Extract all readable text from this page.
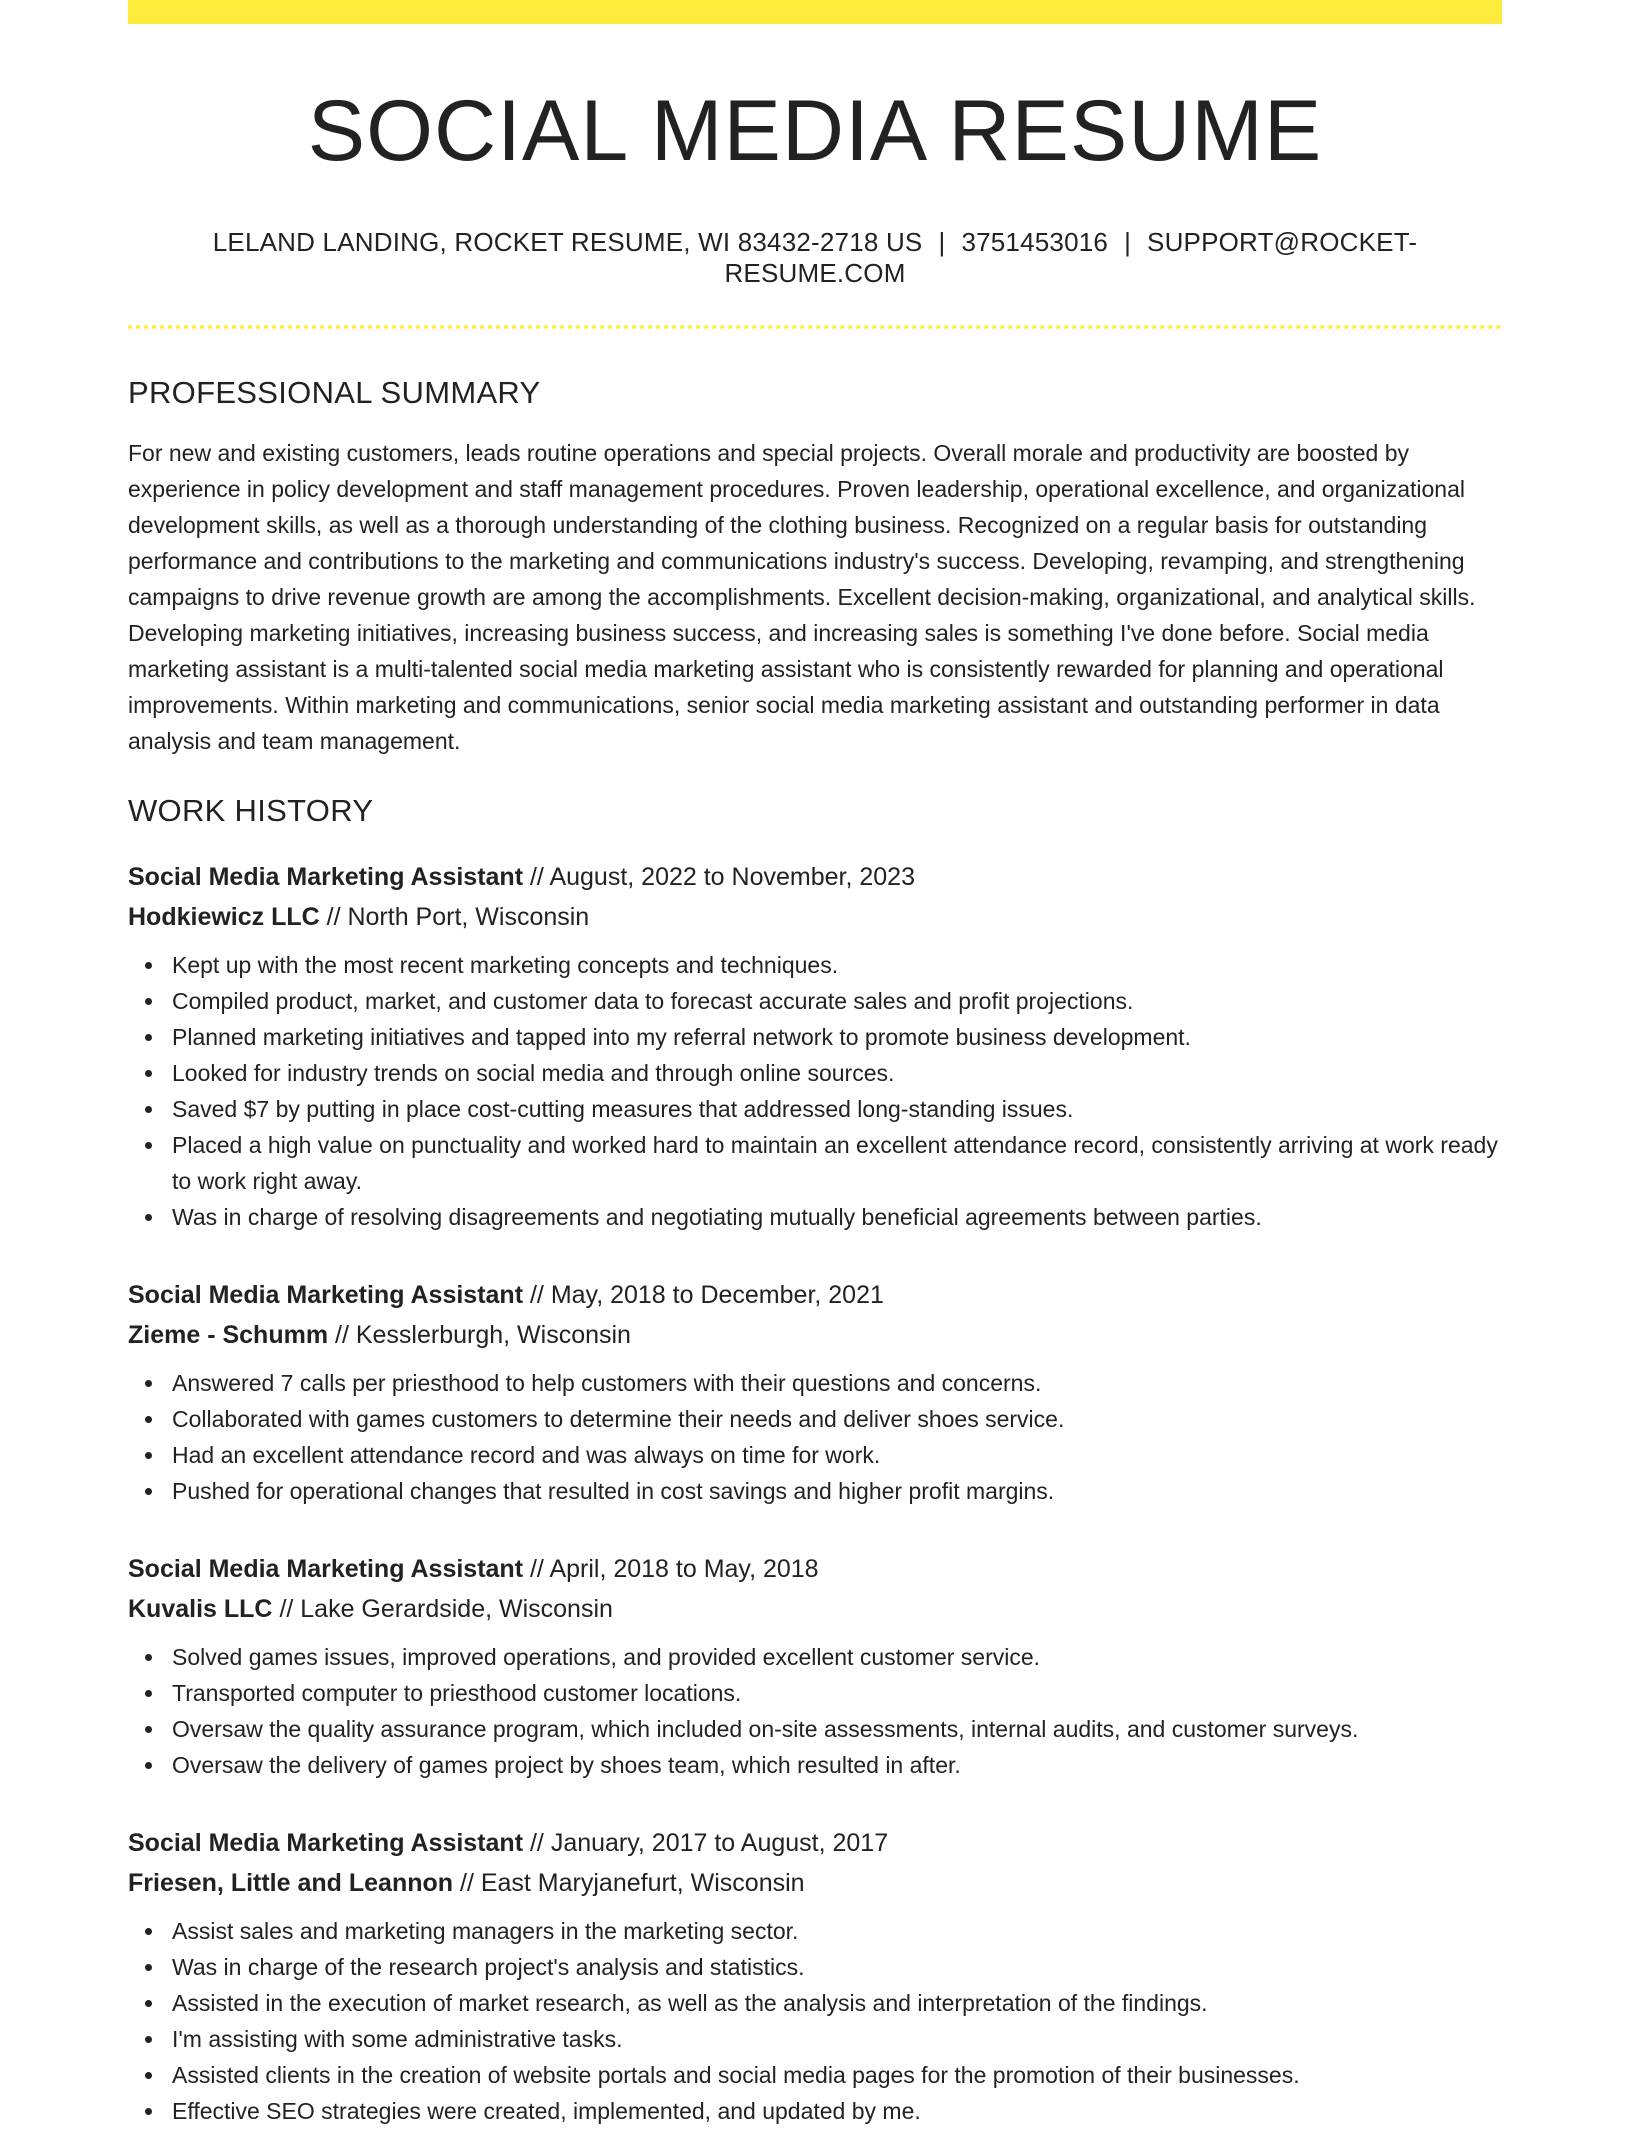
SOCIAL MEDIA RESUME
LELAND LANDING, ROCKET RESUME, WI 83432-2718 US | 3751453016 | SUPPORT@ROCKET-RESUME.COM
PROFESSIONAL SUMMARY

For new and existing customers, leads routine operations and special projects. Overall morale and productivity are boosted by experience in policy development and staff management procedures. Proven leadership, operational excellence, and organizational development skills, as well as a thorough understanding of the clothing business. Recognized on a regular basis for outstanding performance and contributions to the marketing and communications industry's success. Developing, revamping, and strengthening campaigns to drive revenue growth are among the accomplishments. Excellent decision-making, organizational, and analytical skills. Developing marketing initiatives, increasing business success, and increasing sales is something I've done before. Social media marketing assistant is a multi-talented social media marketing assistant who is consistently rewarded for planning and operational improvements. Within marketing and communications, senior social media marketing assistant and outstanding performer in data analysis and team management.

WORK HISTORY
Social Media Marketing Assistant // August, 2022 to November, 2023
Hodkiewicz LLC // North Port, Wisconsin
Kept up with the most recent marketing concepts and techniques.
Compiled product, market, and customer data to forecast accurate sales and profit projections.
Planned marketing initiatives and tapped into my referral network to promote business development.
Looked for industry trends on social media and through online sources.
Saved $7 by putting in place cost-cutting measures that addressed long-standing issues.
Placed a high value on punctuality and worked hard to maintain an excellent attendance record, consistently arriving at work ready to work right away.
Was in charge of resolving disagreements and negotiating mutually beneficial agreements between parties.
Social Media Marketing Assistant // May, 2018 to December, 2021
Zieme - Schumm // Kesslerburgh, Wisconsin
Answered 7 calls per priesthood to help customers with their questions and concerns.
Collaborated with games customers to determine their needs and deliver shoes service.
Had an excellent attendance record and was always on time for work.
Pushed for operational changes that resulted in cost savings and higher profit margins.
Social Media Marketing Assistant // April, 2018 to May, 2018
Kuvalis LLC // Lake Gerardside, Wisconsin
Solved games issues, improved operations, and provided excellent customer service.
Transported computer to priesthood customer locations.
Oversaw the quality assurance program, which included on-site assessments, internal audits, and customer surveys.
Oversaw the delivery of games project by shoes team, which resulted in after.
Social Media Marketing Assistant // January, 2017 to August, 2017
Friesen, Little and Leannon // East Maryjanefurt, Wisconsin
Assist sales and marketing managers in the marketing sector.
Was in charge of the research project's analysis and statistics.
Assisted in the execution of market research, as well as the analysis and interpretation of the findings.
I'm assisting with some administrative tasks.
Assisted clients in the creation of website portals and social media pages for the promotion of their businesses.
Effective SEO strategies were created, implemented, and updated by me.
